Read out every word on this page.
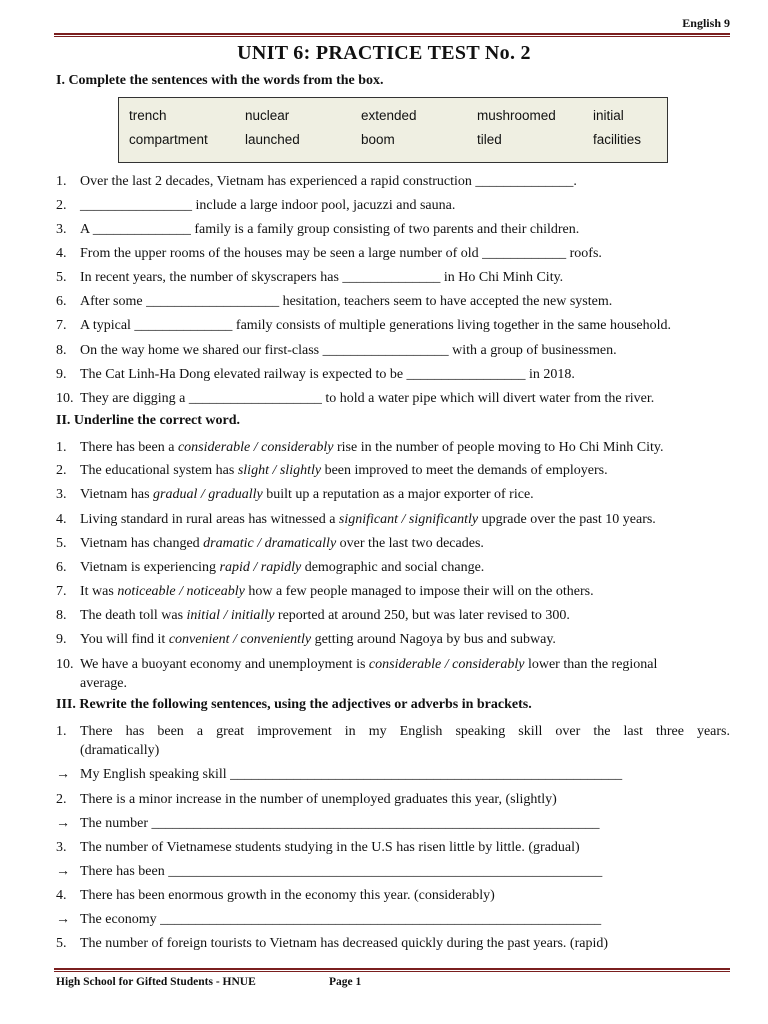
English 9
UNIT 6: PRACTICE TEST No. 2
I. Complete the sentences with the words from the box.
trench	nuclear	extended	mushroomed	initial
compartment	launched	boom	tiled	facilities
1. Over the last 2 decades, Vietnam has experienced a rapid construction ______________.
2. ________________ include a large indoor pool, jacuzzi and sauna.
3. A ______________ family is a family group consisting of two parents and their children.
4. From the upper rooms of the houses may be seen a large number of old ____________ roofs.
5. In recent years, the number of skyscrapers has ______________ in Ho Chi Minh City.
6. After some ___________________ hesitation, teachers seem to have accepted the new system.
7. A typical ______________ family consists of multiple generations living together in the same household.
8. On the way home we shared our first-class __________________ with a group of businessmen.
9. The Cat Linh-Ha Dong elevated railway is expected to be _________________ in 2018.
10. They are digging a ___________________ to hold a water pipe which will divert water from the river.
II. Underline the correct word.
1. There has been a considerable / considerably rise in the number of people moving to Ho Chi Minh City.
2. The educational system has slight / slightly been improved to meet the demands of employers.
3. Vietnam has gradual / gradually built up a reputation as a major exporter of rice.
4. Living standard in rural areas has witnessed a significant / significantly upgrade over the past 10 years.
5. Vietnam has changed dramatic / dramatically over the last two decades.
6. Vietnam is experiencing rapid / rapidly demographic and social change.
7. It was noticeable / noticeably how a few people managed to impose their will on the others.
8. The death toll was initial / initially reported at around 250, but was later revised to 300.
9. You will find it convenient / conveniently getting around Nagoya by bus and subway.
10. We have a buoyant economy and unemployment is considerable / considerably lower than the regional
average.
III. Rewrite the following sentences, using the adjectives or adverbs in brackets.
1. There has been a great improvement in my English speaking skill over the last three years.
(dramatically)
→ My English speaking skill ________________________________________________________
2. There is a minor increase in the number of unemployed graduates this year, (slightly)
→ The number ________________________________________________________________
3. The number of Vietnamese students studying in the U.S has risen little by little. (gradual)
→ There has been ______________________________________________________________
4. There has been enormous growth in the economy this year. (considerably)
→ The economy _______________________________________________________________
5. The number of foreign tourists to Vietnam has decreased quickly during the past years. (rapid)
High School for Gifted Students - HNUE	Page 1
